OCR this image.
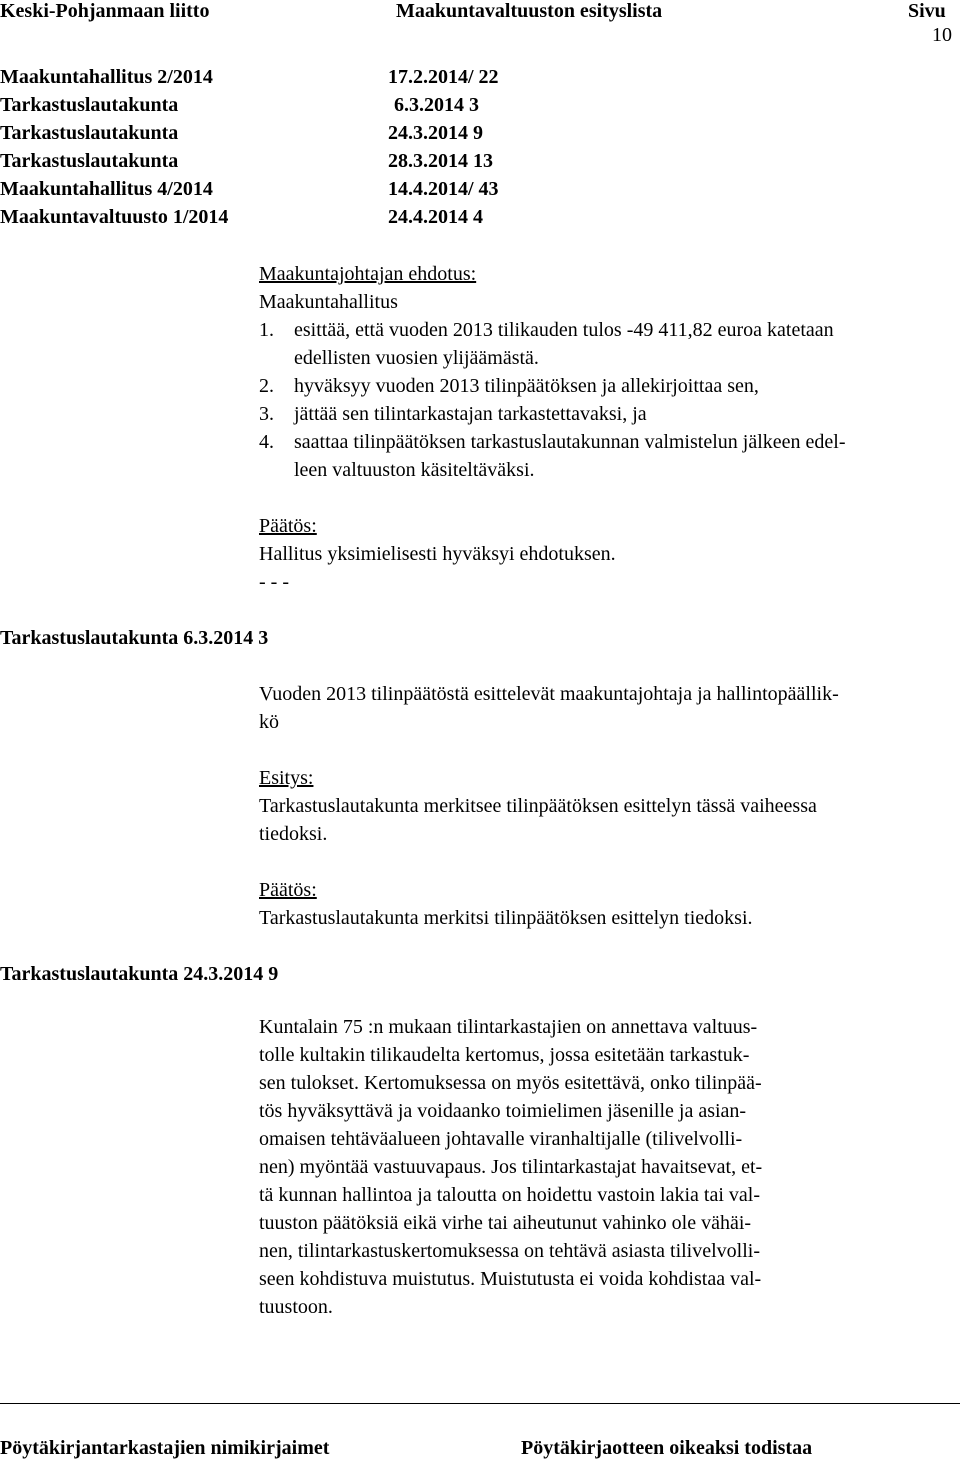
Keski-Pohjanmaan liitto	Maakuntavaltuuston esityslista	Sivu
10
Maakuntahallitus 2/2014	17.2.2014/ 22
Tarkastuslautakunta	6.3.2014 3
Tarkastuslautakunta	24.3.2014 9
Tarkastuslautakunta	28.3.2014 13
Maakuntahallitus 4/2014	14.4.2014/ 43
Maakuntavaltuusto 1/2014	24.4.2014 4
Maakuntajohtajan ehdotus:
Maakuntahallitus
1. esittää, että vuoden 2013 tilikauden tulos -49 411,82 euroa katetaan
edellisten vuosien ylijäämästä.
2. hyväksyy vuoden 2013 tilinpäätöksen ja allekirjoittaa sen,
3. jättää sen tilintarkastajan tarkastettavaksi, ja
4. saattaa tilinpäätöksen tarkastuslautakunnan valmistelun jälkeen edel-
leen valtuuston käsiteltäväksi.
Päätös:
Hallitus yksimielisesti hyväksyi ehdotuksen.
- - -
Tarkastuslautakunta 6.3.2014 3
Vuoden 2013 tilinpäätöstä esittelevät maakuntajohtaja ja hallintopäällik-
kö
Esitys:
Tarkastuslautakunta merkitsee tilinpäätöksen esittelyn tässä vaiheessa
tiedoksi.
Päätös:
Tarkastuslautakunta merkitsi tilinpäätöksen esittelyn tiedoksi.
Tarkastuslautakunta 24.3.2014 9
Kuntalain 75 :n mukaan tilintarkastajien on annettava valtuus-
tolle kultakin tilikaudelta kertomus, jossa esitetään tarkastuk-
sen tulokset. Kertomuksessa on myös esitettävä, onko tilinpää-
tös hyväksyttävä ja voidaanko toimielimen jäsenille ja asian-
omaisen tehtäväalueen johtavalle viranhaltijalle (tilivelvolli-
nen) myöntää vastuuvapaus. Jos tilintarkastajat havaitsevat, et-
tä kunnan hallintoa ja taloutta on hoidettu vastoin lakia tai val-
tuuston päätöksiä eikä virhe tai aiheutunut vahinko ole vähäi-
nen, tilintarkastuskertomuksessa on tehtävä asiasta tilivelvolli-
seen kohdistuva muistutus. Muistutusta ei voida kohdistaa val-
tuustoon.
Pöytäkirjantarkastajien nimikirjaimet	Pöytäkirjaotteen oikeaksi todistaa
